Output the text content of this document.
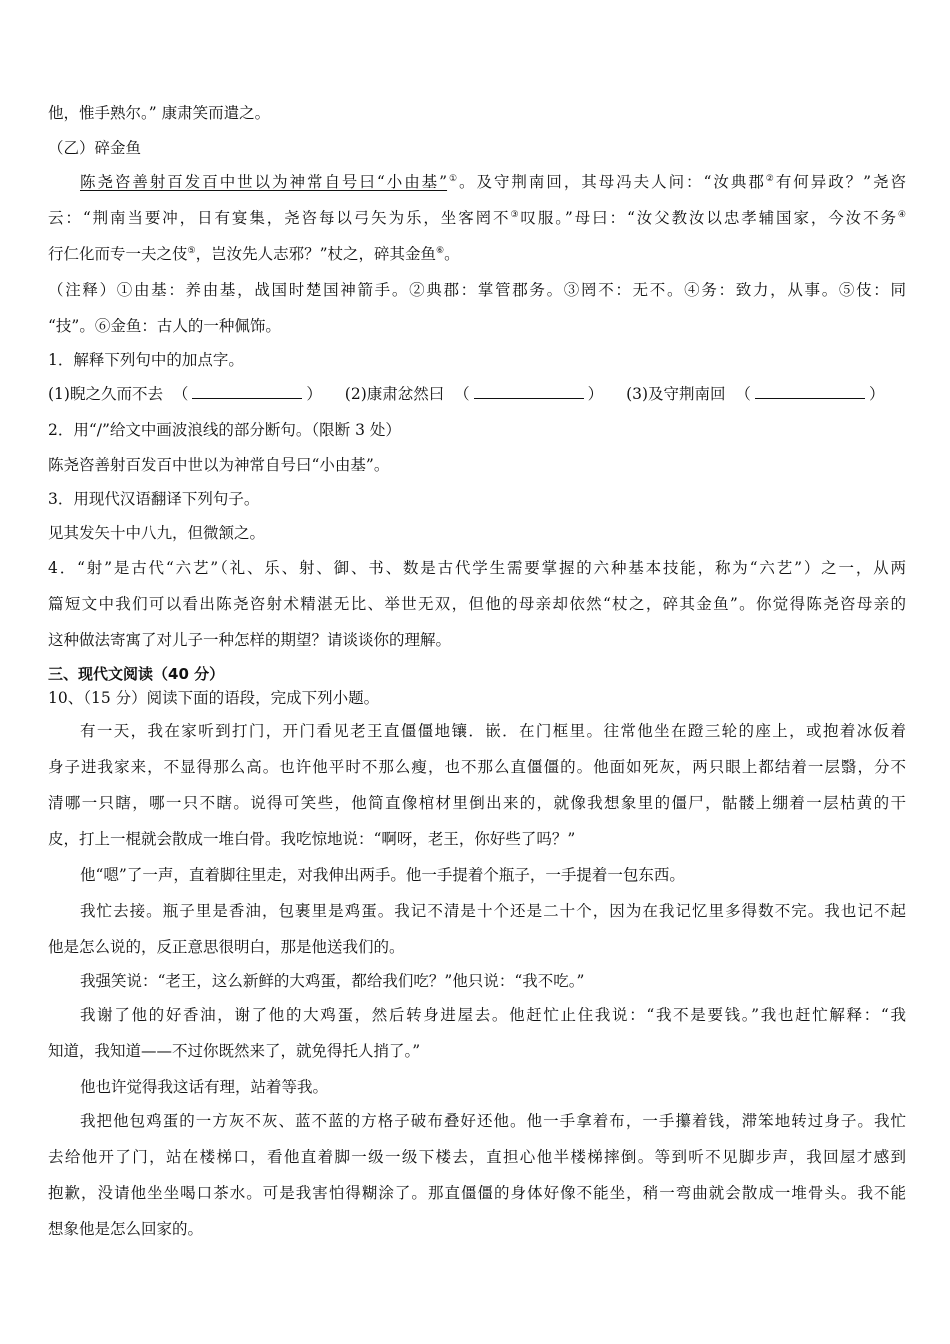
他，惟手熟尔。” 康肃笑而遣之。
（乙）碎金鱼
陈尧咨善射百发百中世以为神常自号曰“小由基”①。及守荆南回，其母冯夫人问：“汝典郡②有何异政？”尧咨
云：“荆南当要冲，日有宴集，尧咨每以弓矢为乐，坐客罔不③叹服。”母曰：“汝父教汝以忠孝辅国家，今汝不务④
行仁化而专一夫之伎⑤，岂汝先人志邪？”杖之，碎其金鱼⑥。
（注释）①由基：养由基，战国时楚国神箭手。②典郡：掌管郡务。③罔不：无不。④务：致力，从事。⑤伎：同
“技”。⑥金鱼：古人的一种佩饰。
1．解释下列句中的加点字。
(1)睨之久而不去 （	） (2)康肃忿然曰 （	） (3)及守荆南回 （	）
2．用“/”给文中画波浪线的部分断句。（限断 3 处）
陈尧咨善射百发百中世以为神常自号曰“小由基”。
3．用现代汉语翻译下列句子。
见其发矢十中八九，但微颔之。
4．“射”是古代“六艺”（礼、乐、射、御、书、数是古代学生需要掌握的六种基本技能，称为“六艺”）之一，从两
篇短文中我们可以看出陈尧咨射术精湛无比、举世无双，但他的母亲却依然“杖之，碎其金鱼”。你觉得陈尧咨母亲的
这种做法寄寓了对儿子一种怎样的期望？请谈谈你的理解。
三、现代文阅读（40 分）
10、（15 分）阅读下面的语段，完成下列小题。
有一天，我在家听到打门，开门看见老王直僵僵地镶．嵌．在门框里。往常他坐在蹬三轮的座上，或抱着冰仮着
身子进我家来，不显得那么高。也许他平时不那么瘦，也不那么直僵僵的。他面如死灰，两只眼上都结着一层翳，分不
清哪一只瞎，哪一只不瞎。说得可笑些，他简直像棺材里倒出来的，就像我想象里的僵尸，骷髅上绷着一层枯黄的干
皮，打上一棍就会散成一堆白骨。我吃惊地说：“啊呀，老王，你好些了吗？”
他“嗯”了一声，直着脚往里走，对我伸出两手。他一手提着个瓶子，一手提着一包东西。
我忙去接。瓶子里是香油，包裹里是鸡蛋。我记不清是十个还是二十个，因为在我记忆里多得数不完。我也记不起
他是怎么说的，反正意思很明白，那是他送我们的。
我强笑说：“老王，这么新鲜的大鸡蛋，都给我们吃？”他只说：“我不吃。”
我谢了他的好香油，谢了他的大鸡蛋，然后转身进屋去。他赶忙止住我说：“我不是要钱。”我也赶忙解释：“我
知道，我知道——不过你既然来了，就免得托人捎了。”
他也许觉得我这话有理，站着等我。
我把他包鸡蛋的一方灰不灰、蓝不蓝的方格子破布叠好还他。他一手拿着布，一手攥着钱，滞笨地转过身子。我忙
去给他开了门，站在楼梯口，看他直着脚一级一级下楼去，直担心他半楼梯摔倒。等到听不见脚步声，我回屋才感到
抱歉，没请他坐坐喝口茶水。可是我害怕得糊涂了。那直僵僵的身体好像不能坐，稍一弯曲就会散成一堆骨头。我不能
想象他是怎么回家的。
